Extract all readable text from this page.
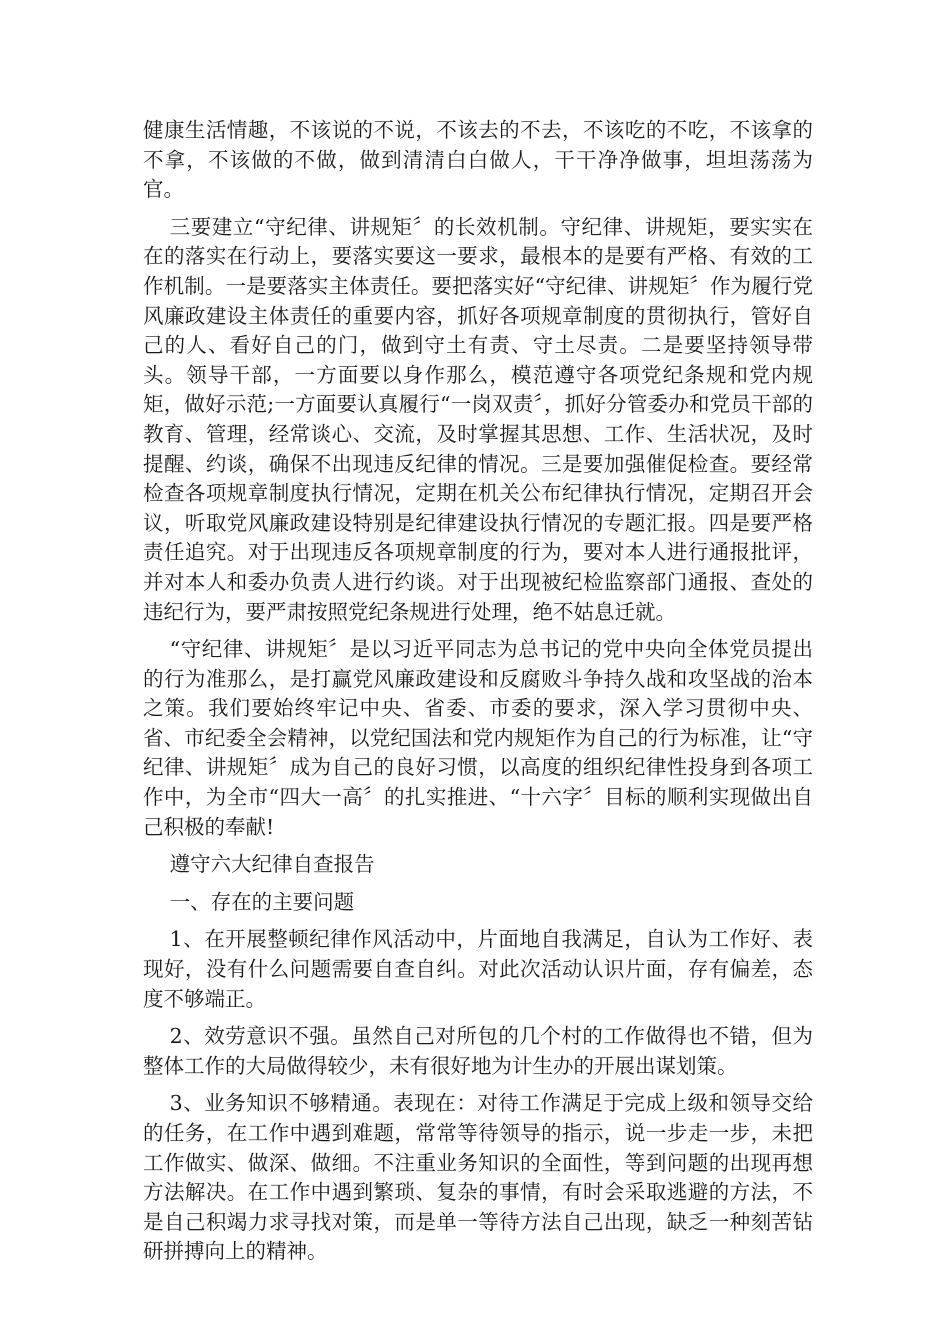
健康生活情趣，不该说的不说，不该去的不去，不该吃的不吃，不该拿的不拿，不该做的不做，做到清清白白做人，干干净净做事，坦坦荡荡为官。

三要建立“守纪律、讲规矩〞的长效机制。守纪律、讲规矩，要实实在在的落实在行动上，要落实要这一要求，最根本的是要有严格、有效的工作机制。一是要落实主体责任。要把落实好“守纪律、讲规矩〞作为履行党风廉政建设主体责任的重要内容，抓好各项规章制度的贯彻执行，管好自己的人、看好自己的门，做到守土有责、守土尽责。二是要坚持领导带头。领导干部，一方面要以身作那么，模范遵守各项党纪条规和党内规矩，做好示范;一方面要认真履行“一岗双责〞，抓好分管委办和党员干部的教育、管理，经常谈心、交流，及时掌握其思想、工作、生活状况，及时提醒、约谈，确保不出现违反纪律的情况。三是要加强催促检查。要经常检查各项规章制度执行情况，定期在机关公布纪律执行情况，定期召开会议，听取党风廉政建设特别是纪律建设执行情况的专题汇报。四是要严格责任追究。对于出现违反各项规章制度的行为，要对本人进行通报批评，并对本人和委办负责人进行约谈。对于出现被纪检监察部门通报、查处的违纪行为，要严肃按照党纪条规进行处理，绝不姑息迁就。

“守纪律、讲规矩〞是以习近平同志为总书记的党中央向全体党员提出的行为准那么，是打赢党风廉政建设和反腐败斗争持久战和攻坚战的治本之策。我们要始终牢记中央、省委、市委的要求，深入学习贯彻中央、省、市纪委全会精神，以党纪国法和党内规矩作为自己的行为标准，让“守纪律、讲规矩〞成为自己的良好习惯，以高度的组织纪律性投身到各项工作中，为全市“四大一高〞的扎实推进、“十六字〞目标的顺利实现做出自己积极的奉献!

遵守六大纪律自查报告

一、存在的主要问题

1、在开展整顿纪律作风活动中，片面地自我满足，自认为工作好、表现好，没有什么问题需要自查自纠。对此次活动认识片面，存有偏差，态度不够端正。

2、效劳意识不强。虽然自己对所包的几个村的工作做得也不错，但为整体工作的大局做得较少，未有很好地为计生办的开展出谋划策。

3、业务知识不够精通。表现在：对待工作满足于完成上级和领导交给的任务，在工作中遇到难题，常常等待领导的指示，说一步走一步，未把工作做实、做深、做细。不注重业务知识的全面性，等到问题的出现再想方法解决。在工作中遇到繁琐、复杂的事情，有时会采取逃避的方法，不是自己积竭力求寻找对策，而是单一等待方法自己出现，缺乏一种刻苦钻研拼搏向上的精神。
